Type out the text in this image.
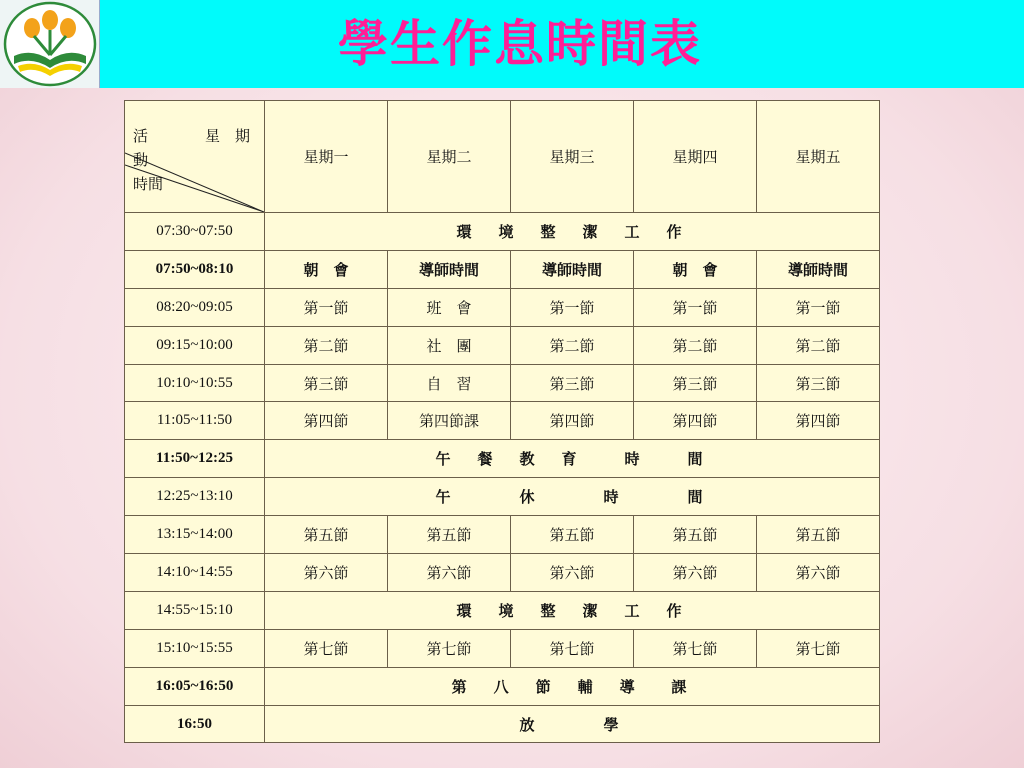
學生作息時間表
活
動
星　期
時間	星期一	星期二	星期三	星期四	星期五
07:30~07:50	環　境　整　潔　工　作				
07:50~08:10	朝　會	導師時間	導師時間	朝　會	導師時間
08:20~09:05	第一節	班　會	第一節	第一節	第一節
09:15~10:00	第二節	社　團	第二節	第二節	第二節
10:10~10:55	第三節	自　習	第三節	第三節	第三節
11:05~11:50	第四節	第四節課	第四節	第四節	第四節
11:50~12:25	午　餐　教　育　　時　　間				
12:25~13:10	午　　　休　　　時　　　間				
13:15~14:00	第五節	第五節	第五節	第五節	第五節
14:10~14:55	第六節	第六節	第六節	第六節	第六節
14:55~15:10	環　境　整　潔　工　作				
15:10~15:55	第七節	第七節	第七節	第七節	第七節
16:05~16:50	第　八　節　輔　導　 課				
16:50	放　　　學				
